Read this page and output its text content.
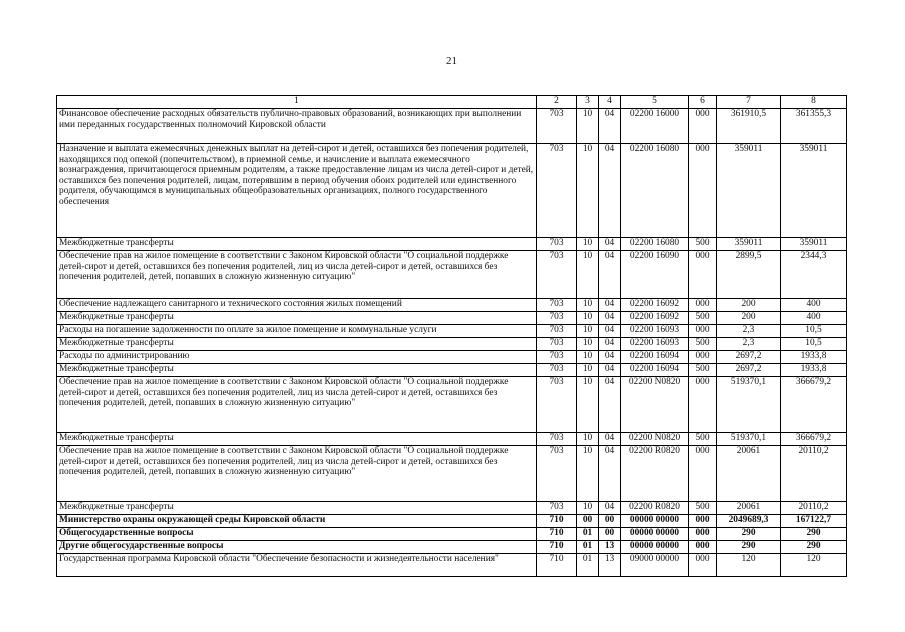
21
1	2	3	4	5	6	7	8
Финансовое обеспечение расходных обязательств публично-правовых образований, возникающих при выполнении ими переданных государственных полномочий Кировской области	703	10	04	02200 16000	000	361910,5	361355,3
Назначение и выплата ежемесячных денежных выплат на детей-сирот и детей, оставшихся без попечения родителей, находящихся под опекой (попечительством), в приемной семье, и начисление и выплата ежемесячного вознаграждения, причитающегося приемным родителям, а также предоставление лицам из числа детей-сирот и детей, оставшихся без попечения родителей, лицам, потерявшим в период обучения обоих родителей или единственного родителя, обучающимся в муниципальных общеобразовательных организациях, полного государственного обеспечения	703	10	04	02200 16080	000	359011	359011
Межбюджетные трансферты	703	10	04	02200 16080	500	359011	359011
Обеспечение прав на жилое помещение в соответствии с Законом Кировской области "О социальной поддержке детей-сирот и детей, оставшихся без попечения родителей, лиц из числа детей-сирот и детей, оставшихся без попечения родителей, детей, попавших в сложную жизненную ситуацию"	703	10	04	02200 16090	000	2899,5	2344,3
Обеспечение надлежащего санитарного и технического состояния жилых помещений	703	10	04	02200 16092	000	200	400
Межбюджетные трансферты	703	10	04	02200 16092	500	200	400
Расходы на погашение задолженности по оплате за жилое помещение и коммунальные услуги	703	10	04	02200 16093	000	2,3	10,5
Межбюджетные трансферты	703	10	04	02200 16093	500	2,3	10,5
Расходы по администрированию	703	10	04	02200 16094	000	2697,2	1933,8
Межбюджетные трансферты	703	10	04	02200 16094	500	2697,2	1933,8
Обеспечение прав на жилое помещение в соответствии с Законом Кировской области "О социальной поддержке детей-сирот и детей, оставшихся без попечения родителей, лиц из числа детей-сирот и детей, оставшихся без попечения родителей, детей, попавших в сложную жизненную ситуацию"	703	10	04	02200 N0820	000	519370,1	366679,2
Межбюджетные трансферты	703	10	04	02200 N0820	500	519370,1	366679,2
Обеспечение прав на жилое помещение в соответствии с Законом Кировской области "О социальной поддержке детей-сирот и детей, оставшихся без попечения родителей, лиц из числа детей-сирот и детей, оставшихся без попечения родителей, детей, попавших в сложную жизненную ситуацию"	703	10	04	02200 R0820	000	20061	20110,2
Межбюджетные трансферты	703	10	04	02200 R0820	500	20061	20110,2
Министерство охраны окружающей среды Кировской области	710	00	00	00000 00000	000	2049689,3	167122,7
Общегосударственные вопросы	710	01	00	00000 00000	000	290	290
Другие общегосударственные вопросы	710	01	13	00000 00000	000	290	290
Государственная программа Кировской области "Обеспечение безопасности и жизнедеятельности населения"	710	01	13	09000 00000	000	120	120
